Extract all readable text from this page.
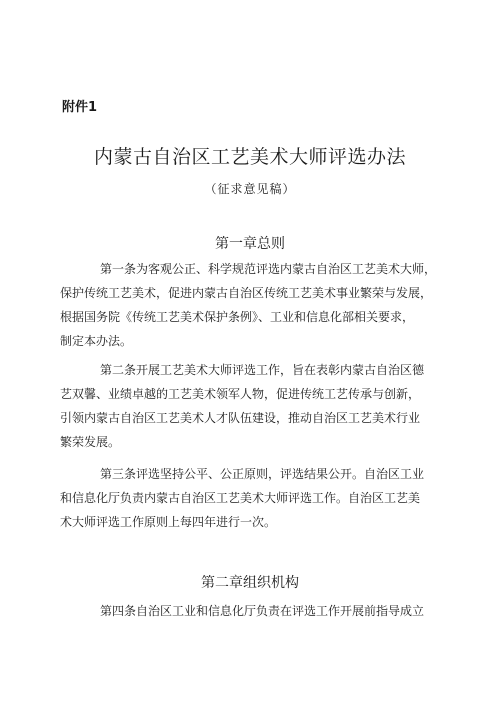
附件1
内蒙古自治区工艺美术大师评选办法
（征求意见稿）
第一章总则
第一条为客观公正、科学规范评选内蒙古自治区工艺美术大师，
保护传统工艺美术，促进内蒙古自治区传统工艺美术事业繁荣与发展，
根据国务院《传统工艺美术保护条例》、工业和信息化部相关要求，
制定本办法。
第二条开展工艺美术大师评选工作，旨在表彰内蒙古自治区德
艺双馨、业绩卓越的工艺美术领军人物，促进传统工艺传承与创新，
引领内蒙古自治区工艺美术人才队伍建设，推动自治区工艺美术行业
繁荣发展。
第三条评选坚持公平、公正原则，评选结果公开。自治区工业
和信息化厅负责内蒙古自治区工艺美术大师评选工作。自治区工艺美
术大师评选工作原则上每四年进行一次。
第二章组织机构
第四条自治区工业和信息化厅负责在评选工作开展前指导成立
